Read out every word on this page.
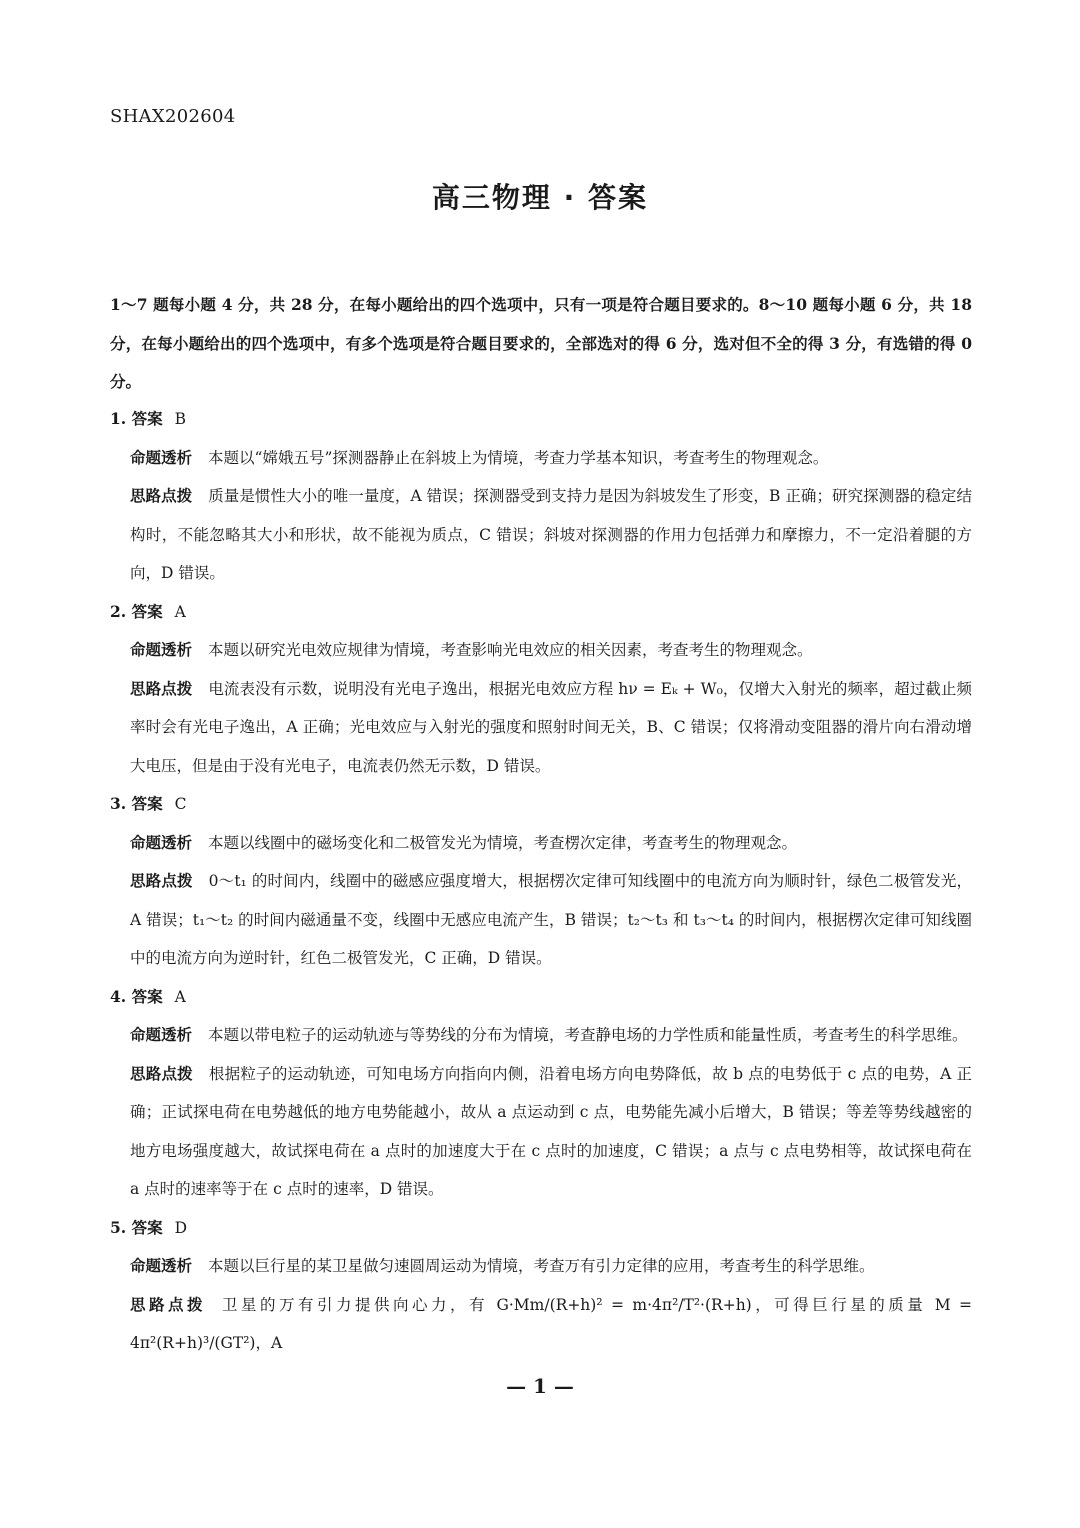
SHAX202604
高三物理 · 答案
1～7 题每小题 4 分，共 28 分，在每小题给出的四个选项中，只有一项是符合题目要求的。8～10 题每小题 6 分，共 18 分，在每小题给出的四个选项中，有多个选项是符合题目要求的，全部选对的得 6 分，选对但不全的得 3 分，有选错的得 0 分。
1. 答案 B
命题透析 本题以“嫦娥五号”探测器静止在斜坡上为情境，考查力学基本知识，考查考生的物理观念。
思路点拨 质量是惯性大小的唯一量度，A 错误；探测器受到支持力是因为斜坡发生了形变，B 正确；研究探测器的稳定结构时，不能忽略其大小和形状，故不能视为质点，C 错误；斜坡对探测器的作用力包括弹力和摩擦力，不一定沿着腿的方向，D 错误。
2. 答案 A
命题透析 本题以研究光电效应规律为情境，考查影响光电效应的相关因素，考查考生的物理观念。
思路点拨 电流表没有示数，说明没有光电子逸出，根据光电效应方程 hν = Eₖ + W₀，仅增大入射光的频率，超过截止频率时会有光电子逸出，A 正确；光电效应与入射光的强度和照射时间无关，B、C 错误；仅将滑动变阻器的滑片向右滑动增大电压，但是由于没有光电子，电流表仍然无示数，D 错误。
3. 答案 C
命题透析 本题以线圈中的磁场变化和二极管发光为情境，考查楞次定律，考查考生的物理观念。
思路点拨 0～t₁ 的时间内，线圈中的磁感应强度增大，根据楞次定律可知线圈中的电流方向为顺时针，绿色二极管发光，A 错误；t₁～t₂ 的时间内磁通量不变，线圈中无感应电流产生，B 错误；t₂～t₃ 和 t₃～t₄ 的时间内，根据楞次定律可知线圈中的电流方向为逆时针，红色二极管发光，C 正确，D 错误。
4. 答案 A
命题透析 本题以带电粒子的运动轨迹与等势线的分布为情境，考查静电场的力学性质和能量性质，考查考生的科学思维。
思路点拨 根据粒子的运动轨迹，可知电场方向指向内侧，沿着电场方向电势降低，故 b 点的电势低于 c 点的电势，A 正确；正试探电荷在电势越低的地方电势能越小，故从 a 点运动到 c 点，电势能先减小后增大，B 错误；等差等势线越密的地方电场强度越大，故试探电荷在 a 点时的加速度大于在 c 点时的加速度，C 错误；a 点与 c 点电势相等，故试探电荷在 a 点时的速率等于在 c 点时的速率，D 错误。
5. 答案 D
命题透析 本题以巨行星的某卫星做匀速圆周运动为情境，考查万有引力定律的应用，考查考生的科学思维。
思路点拨 卫星的万有引力提供向心力，有 G·Mm/(R+h)² = m·4π²/T²·(R+h)，可得巨行星的质量 M = 4π²(R+h)³/(GT²)，A
— 1 —
